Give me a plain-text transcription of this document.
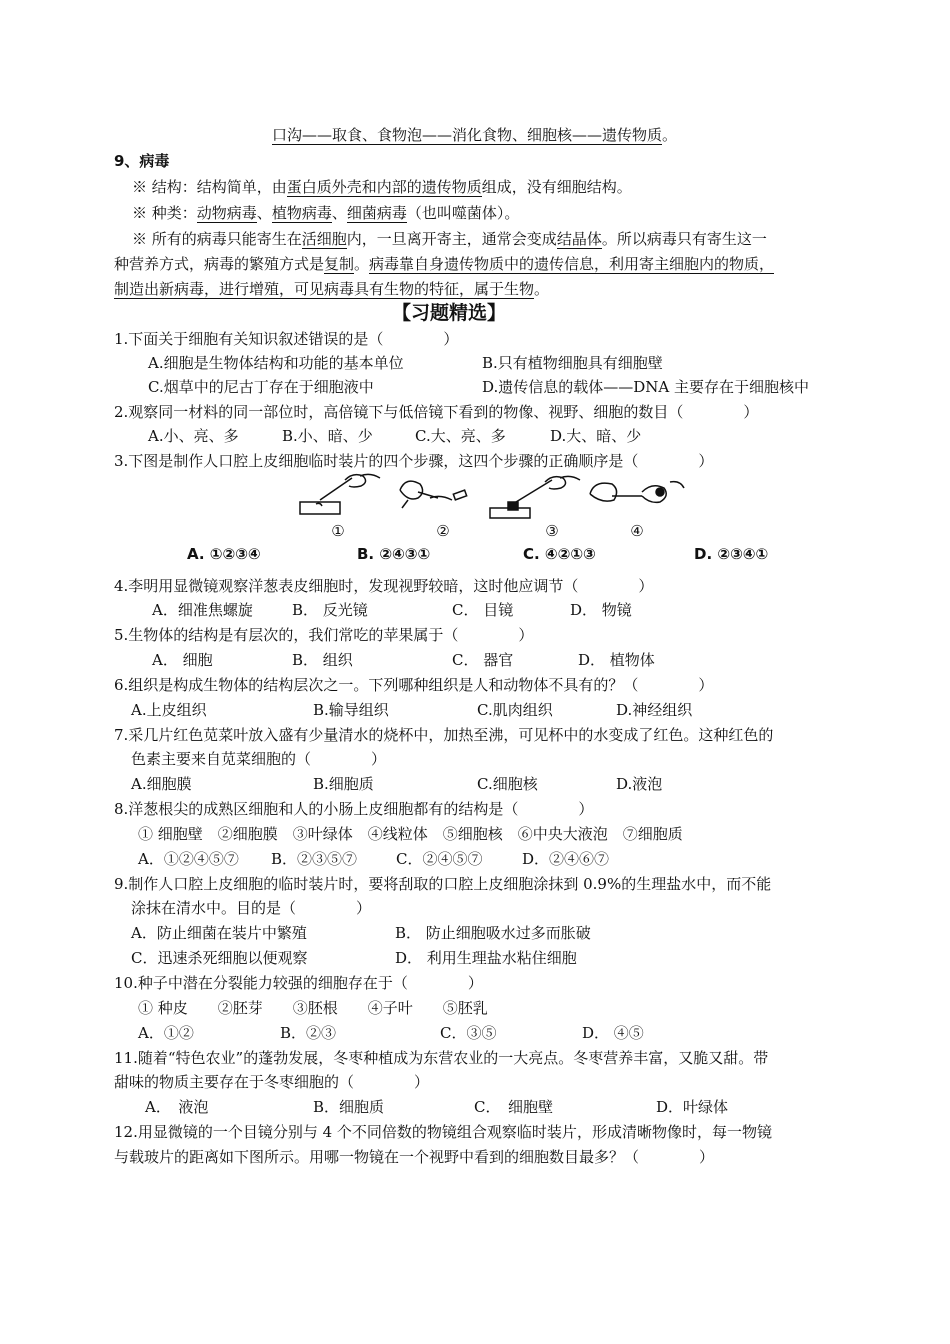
口沟——取食、食物泡——消化食物、细胞核——遗传物质。
9、病毒
※ 结构：结构简单，由蛋白质外壳和内部的遗传物质组成，没有细胞结构。
※ 种类：动物病毒、植物病毒、细菌病毒（也叫噬菌体）。
※ 所有的病毒只能寄生在活细胞内，一旦离开寄主，通常会变成结晶体。所以病毒只有寄生这一
种营养方式，病毒的繁殖方式是复制。病毒靠自身遗传物质中的遗传信息，利用寄主细胞内的物质，
制造出新病毒，进行增殖，可见病毒具有生物的特征，属于生物。
【习题精选】
1.下面关于细胞有关知识叙述错误的是（　　　　）
A.细胞是生物体结构和功能的基本单位	B.只有植物细胞具有细胞壁
C.烟草中的尼古丁存在于细胞液中	D.遗传信息的载体——DNA 主要存在于细胞核中
2.观察同一材料的同一部位时，高倍镜下与低倍镜下看到的物像、视野、细胞的数目（　　　　）
A.小、亮、多	B.小、暗、少	C.大、亮、多	D.大、暗、少
3.下图是制作人口腔上皮细胞临时装片的四个步骤，这四个步骤的正确顺序是（　　　　）
①	②	③	④
A. ①②③④	B. ②④③①	C. ④②①③	D. ②③④①
4.李明用显微镜观察洋葱表皮细胞时，发现视野较暗，这时他应调节（　　　　）
A．细准焦螺旋	B． 反光镜	C． 目镜	D． 物镜
5.生物体的结构是有层次的，我们常吃的苹果属于（　　　　）
A． 细胞	B． 组织	C． 器官	D． 植物体
6.组织是构成生物体的结构层次之一。下列哪种组织是人和动物体不具有的？（　　　　）
A.上皮组织	B.输导组织	C.肌肉组织	D.神经组织
7.采几片红色苋菜叶放入盛有少量清水的烧杯中，加热至沸，可见杯中的水变成了红色。这种红色的
色素主要来自苋菜细胞的（　　　　）
A.细胞膜	B.细胞质	C.细胞核	D.液泡
8.洋葱根尖的成熟区细胞和人的小肠上皮细胞都有的结构是（　　　　）
① 细胞壁　②细胞膜　③叶绿体　④线粒体　⑤细胞核　⑥中央大液泡　⑦细胞质
A．①②④⑤⑦ B．②③⑤⑦	C．②④⑤⑦	D．②④⑥⑦
9.制作人口腔上皮细胞的临时装片时，要将刮取的口腔上皮细胞涂抹到 0.9%的生理盐水中，而不能
涂抹在清水中。目的是（　　　　）
A．防止细菌在装片中繁殖	B． 防止细胞吸水过多而胀破
C．迅速杀死细胞以便观察	D． 利用生理盐水粘住细胞
10.种子中潜在分裂能力较强的细胞存在于（　　　　）
① 种皮　　②胚芽　　③胚根　　④子叶　　⑤胚乳
A．①②	B．②③	C．③⑤	D． ④⑤
11.随着“特色农业”的蓬勃发展，冬枣种植成为东营农业的一大亮点。冬枣营养丰富，又脆又甜。带
甜味的物质主要存在于冬枣细胞的（　　　　）
A．　液泡	B．细胞质	C．　细胞壁	D．叶绿体
12.用显微镜的一个目镜分别与 4 个不同倍数的物镜组合观察临时装片，形成清晰物像时，每一物镜
与载玻片的距离如下图所示。用哪一物镜在一个视野中看到的细胞数目最多？（　　　　）
